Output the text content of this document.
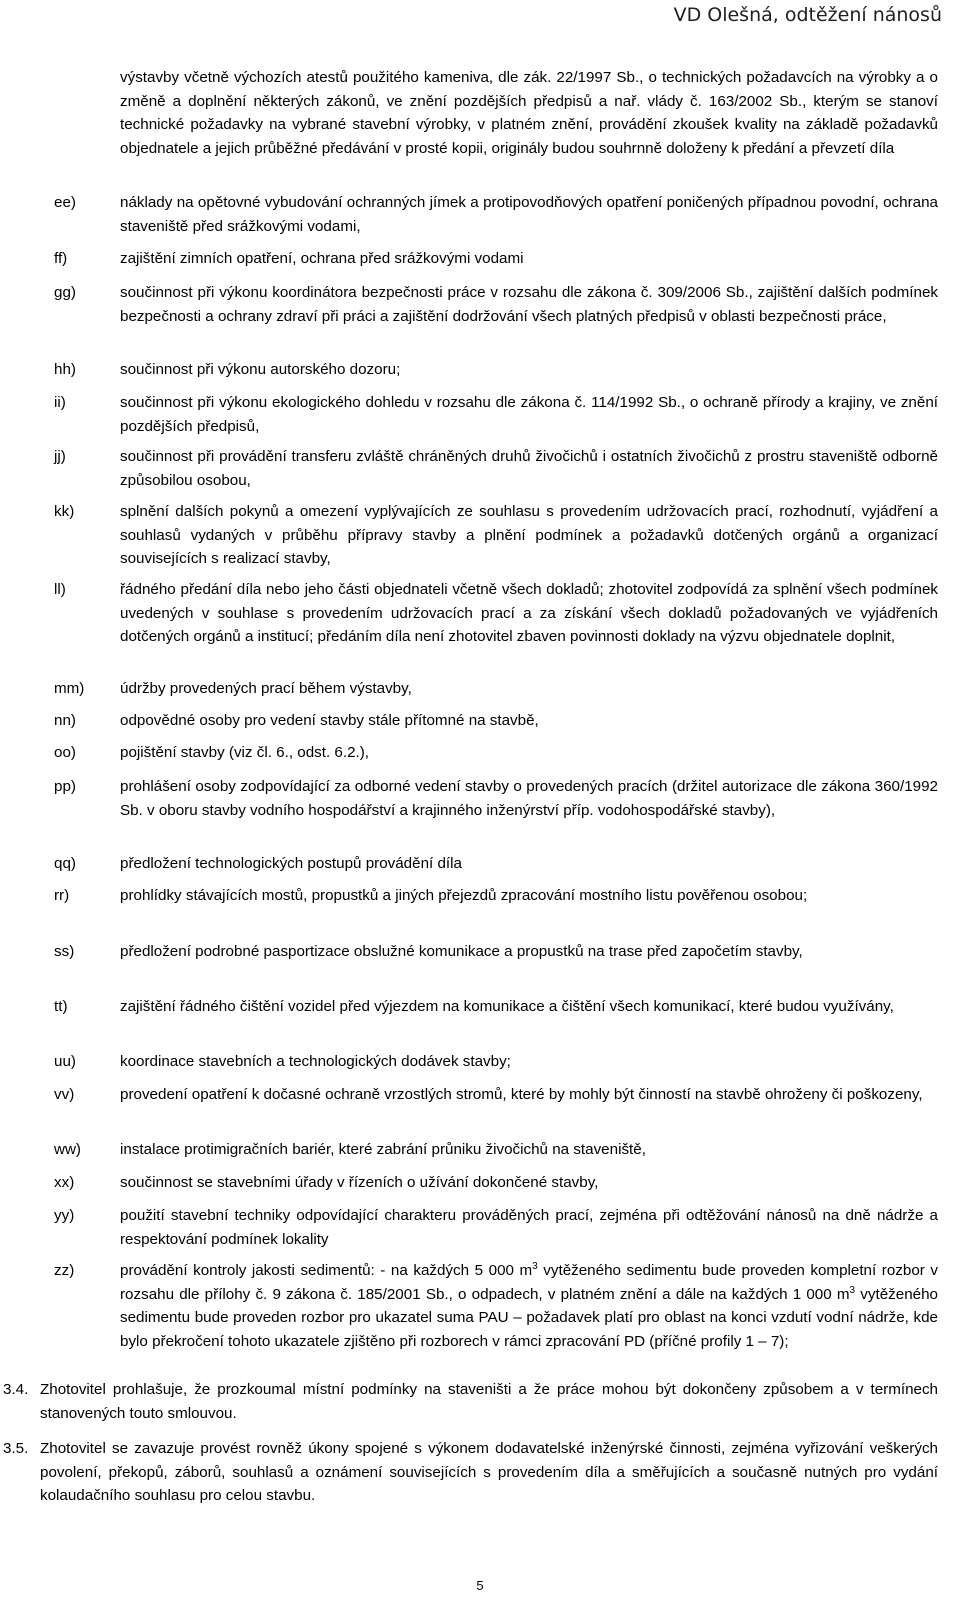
VD Olešná, odtěžení nánosů
výstavby včetně výchozích atestů použitého kameniva, dle zák. 22/1997 Sb., o technických požadavcích na výrobky a o změně a doplnění některých zákonů, ve znění pozdějších předpisů a nař. vlády č. 163/2002 Sb., kterým se stanoví technické požadavky na vybrané stavební výrobky, v platném znění, provádění zkoušek kvality na základě požadavků objednatele a jejich průběžné předávání v prosté kopii, originály budou souhrnně doloženy k předání a převzetí díla
ee)	náklady na opětovné vybudování ochranných jímek a protipovodňových opatření poničených případnou povodní, ochrana staveniště před srážkovými vodami,
ff)	zajištění zimních opatření, ochrana před srážkovými vodami
gg)	součinnost při výkonu koordinátora bezpečnosti práce v rozsahu dle zákona č. 309/2006 Sb., zajištění dalších podmínek bezpečnosti a ochrany zdraví při práci a zajištění dodržování všech platných předpisů v oblasti bezpečnosti práce,
hh)	součinnost při výkonu autorského dozoru;
ii)	součinnost při výkonu ekologického dohledu v rozsahu dle zákona č. 114/1992 Sb., o ochraně přírody a krajiny, ve znění pozdějších předpisů,
jj)	součinnost při provádění transferu zvláště chráněných druhů živočichů i ostatních živočichů z prostru staveniště odborně způsobilou osobou,
kk)	splnění dalších pokynů a omezení vyplývajících ze souhlasu s provedením udržovacích prací, rozhodnutí, vyjádření a souhlasů vydaných v průběhu přípravy stavby a plnění podmínek a požadavků dotčených orgánů a organizací souvisejících s realizací stavby,
ll)	řádného předání díla nebo jeho části objednateli včetně všech dokladů; zhotovitel zodpovídá za splnění všech podmínek uvedených v souhlase s provedením udržovacích prací a za získání všech dokladů požadovaných ve vyjádřeních dotčených orgánů a institucí; předáním díla není zhotovitel zbaven povinnosti doklady na výzvu objednatele doplnit,
mm) údržby provedených prací během výstavby,
nn)	odpovědné osoby pro vedení stavby stále přítomné na stavbě,
oo)	pojištění stavby (viz čl. 6., odst. 6.2.),
pp)	prohlášení osoby zodpovídající za odborné vedení stavby o provedených pracích (držitel autorizace dle zákona 360/1992 Sb. v oboru stavby vodního hospodářství a krajinného inženýrství příp. vodohospodářské stavby),
qq)	předložení technologických postupů provádění díla
rr)	prohlídky stávajících mostů, propustků a jiných přejezdů zpracování mostního listu pověřenou osobou;
ss)	předložení podrobné pasportizace obslužné komunikace a propustků na trase před započetím stavby,
tt)	zajištění řádného čištění vozidel před výjezdem na komunikace a čištění všech komunikací, které budou využívány,
uu)	koordinace stavebních a technologických dodávek stavby;
vv)	provedení opatření k dočasné ochraně vrzostlých stromů, které by mohly být činností na stavbě ohroženy či poškozeny,
ww)	instalace protimigračních bariér, které zabrání průniku živočichů na staveniště,
xx)	součinnost se stavebními úřady v řízeních o užívání dokončené stavby,
yy)	použití stavební techniky odpovídající charakteru prováděných prací, zejména při odtěžování nánosů na dně nádrže a respektování podmínek lokality
zz)	provádění kontroly jakosti sedimentů: - na každých 5 000 $m^3$ vytěženého sedimentu bude proveden kompletní rozbor v rozsahu dle přílohy č. 9 zákona č. 185/2001 Sb., o odpadech, v platném znění a dále na každých 1 000 $m^3$ vytěženého sedimentu bude proveden rozbor pro ukazatel suma PAU – požadavek platí pro oblast na konci vzdutí vodní nádrže, kde bylo překročení tohoto ukazatele zjištěno při rozborech v rámci zpracování PD (příčné profily 1 – 7);
3.4. Zhotovitel prohlašuje, že prozkoumal místní podmínky na staveništi a že práce mohou být dokončeny způsobem a v termínech stanovených touto smlouvou.
3.5. Zhotovitel se zavazuje provést rovněž úkony spojené s výkonem dodavatelské inženýrské činnosti, zejména vyřizování veškerých povolení, překopů, záborů, souhlasů a oznámení souvisejících s provedením díla a směřujících a současně nutných pro vydání kolaudačního souhlasu pro celou stavbu.
5
